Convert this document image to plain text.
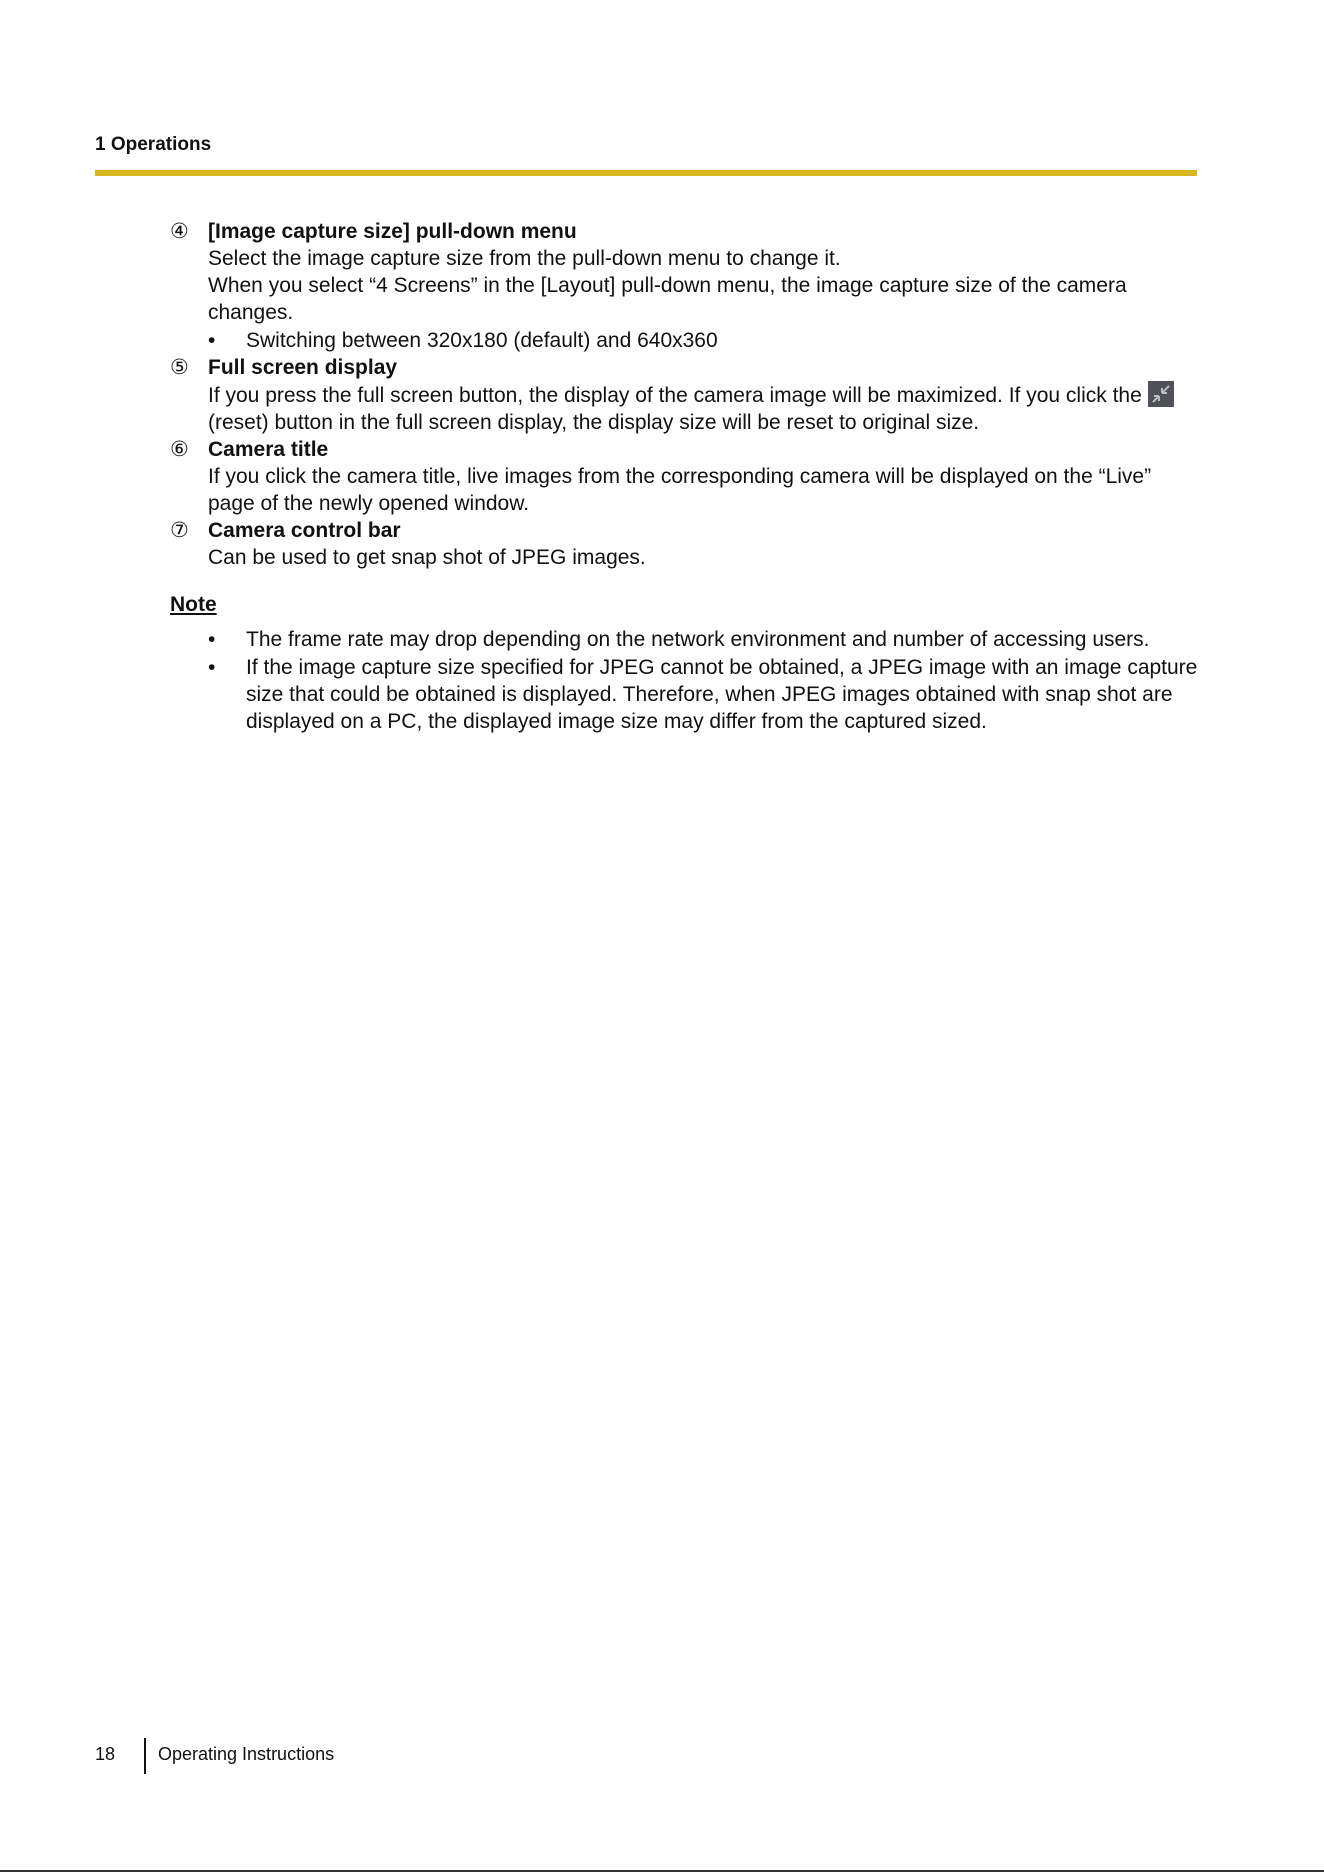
1 Operations
④ [Image capture size] pull-down menu

Select the image capture size from the pull-down menu to change it.

When you select “4 Screens” in the [Layout] pull-down menu, the image capture size of the camera changes.

• Switching between 320x180 (default) and 640x360
⑤ Full screen display

If you press the full screen button, the display of the camera image will be maximized. If you click the
(reset) button in the full screen display, the display size will be reset to original size.

⑥ Camera title

If you click the camera title, live images from the corresponding camera will be displayed on the “Live” page of the newly opened window.

⑦ Camera control bar

Can be used to get snap shot of JPEG images.

Note
• The frame rate may drop depending on the network environment and number of accessing users.
• If the image capture size specified for JPEG cannot be obtained, a JPEG image with an image capture size that could be obtained is displayed. Therefore, when JPEG images obtained with snap shot are displayed on a PC, the displayed image size may differ from the captured sized.
18 Operating Instructions
